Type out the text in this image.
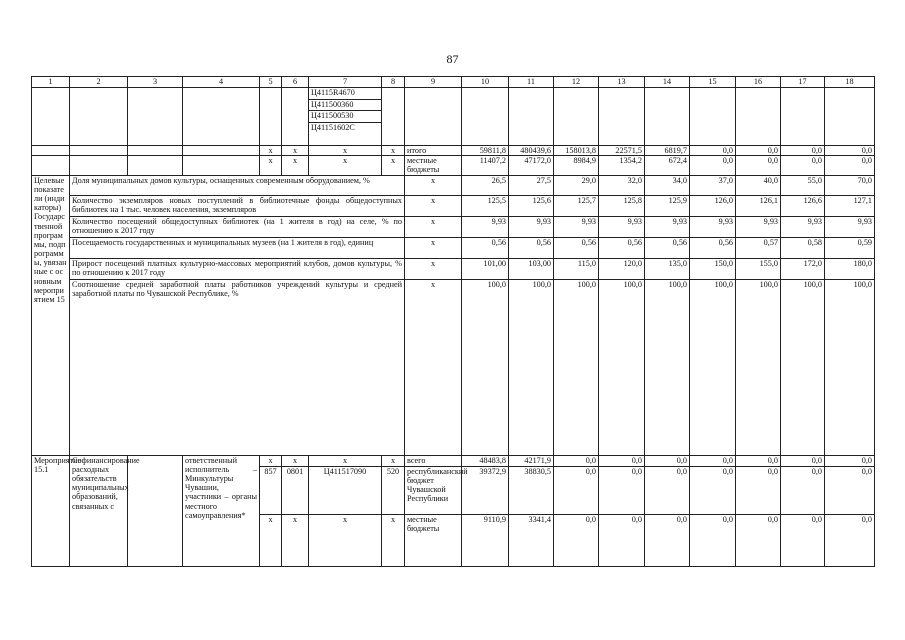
87
1	2	3	4	5	6	7	8	9	10	11	12	13	14	15	16	17	18

						Ц4115R4670
Ц411500360
Ц411500530
Ц41151602С											

				x	x	x	x	итого	59811,8	480439,6	158013,8	22571,5	6819,7	0,0	0,0	0,0	0,0
				x	x	x	x	местные бюджеты	11407,2	47172,0	8984,9	1354,2	672,4	0,0	0,0	0,0	0,0
Целевые показатели (индикаторы) Государственной программы, подпрограммы, увязанные с основным мероприятием 15	Доля муниципальных домов культуры, оснащенных современным оборудованием, %							x	26,5	27,5	29,0	32,0	34,0	37,0	40,0	55,0	70,0
	Количество экземпляров новых поступлений в библиотечные фонды общедоступных библиотек на 1 тыс. человек населения, экземпляров							x	125,5	125,6	125,7	125,8	125,9	126,0	126,1	126,6	127,1
	Количество посещений общедоступных библиотек (на 1 жителя в год) на селе, % по отношению к 2017 году							x	9,93	9,93	9,93	9,93	9,93	9,93	9,93	9,93	9,93
	Посещаемость государственных и муниципальных музеев (на 1 жителя в год), единиц							x	0,56	0,56	0,56	0,56	0,56	0,56	0,57	0,58	0,59
	Прирост посещений платных культурно-массовых мероприятий клубов, домов культуры, % по отношению к 2017 году							x	101,00	103,00	115,0	120,0	135,0	150,0	155,0	172,0	180,0
	Соотношение средней заработной платы работников учреждений культуры и средней заработной платы по Чувашской Республике, %							x	100,0	100,0	100,0	100,0	100,0	100,0	100,0	100,0	100,0
Мероприятие 15.1	Софинансирование расходных обязательств муниципальных образований, связанных с		ответственный исполнитель – Минкультуры Чувашии, участники – органы местного самоуправления*	x	x	x	x	всего	48483,8	42171,9	0,0	0,0	0,0	0,0	0,0	0,0	0,0
				857	0801	Ц411517090	520	республиканский бюджет Чувашской Республики	39372,9	38830,5	0,0	0,0	0,0	0,0	0,0	0,0	0,0
				x	x	x	x	местные бюджеты	9110,9	3341,4	0,0	0,0	0,0	0,0	0,0	0,0	0,0
